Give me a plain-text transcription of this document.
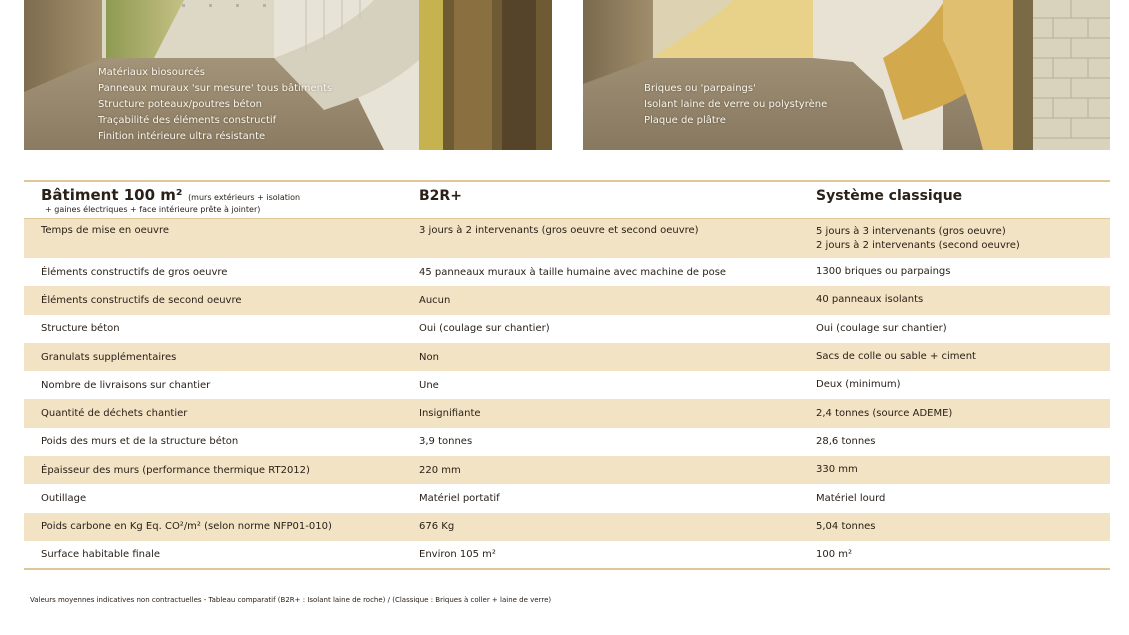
Matériaux biosourcés
Panneaux muraux 'sur mesure' tous bâtiments
Structure poteaux/poutres béton
Traçabilité des éléments constructif
Finition intérieure ultra résistante
Briques ou 'parpaings'
Isolant laine de verre ou polystyrène
Plaque de plâtre
Bâtiment 100 m² (murs extérieurs + isolation
+ gaines électriques + face intérieure prête à jointer)	B2R+	Système classique

Temps de mise en oeuvre	3 jours à 2 intervenants (gros oeuvre et second oeuvre)	5 jours à 3 intervenants (gros oeuvre)
2 jours à 2 intervenants (second oeuvre)

Éléments constructifs de gros oeuvre	45 panneaux muraux à taille humaine avec machine de pose	1300 briques ou parpaings

Éléments constructifs de second oeuvre	Aucun	40 panneaux isolants

Structure béton	Oui (coulage sur chantier)	Oui (coulage sur chantier)

Granulats supplémentaires	Non	Sacs de colle ou sable + ciment

Nombre de livraisons sur chantier	Une	Deux (minimum)

Quantité de déchets chantier	Insignifiante	2,4 tonnes (source ADEME)

Poids des murs et de la structure béton	3,9 tonnes	28,6 tonnes

Épaisseur des murs (performance thermique RT2012)	220 mm	330 mm

Outillage	Matériel portatif	Matériel lourd

Poids carbone en Kg Eq. CO²/m² (selon norme NFP01-010)	676 Kg	5,04 tonnes

Surface habitable finale	Environ 105 m²	100 m²
Valeurs moyennes indicatives non contractuelles - Tableau comparatif (B2R+ : Isolant laine de roche) / (Classique : Briques à coller + laine de verre)
